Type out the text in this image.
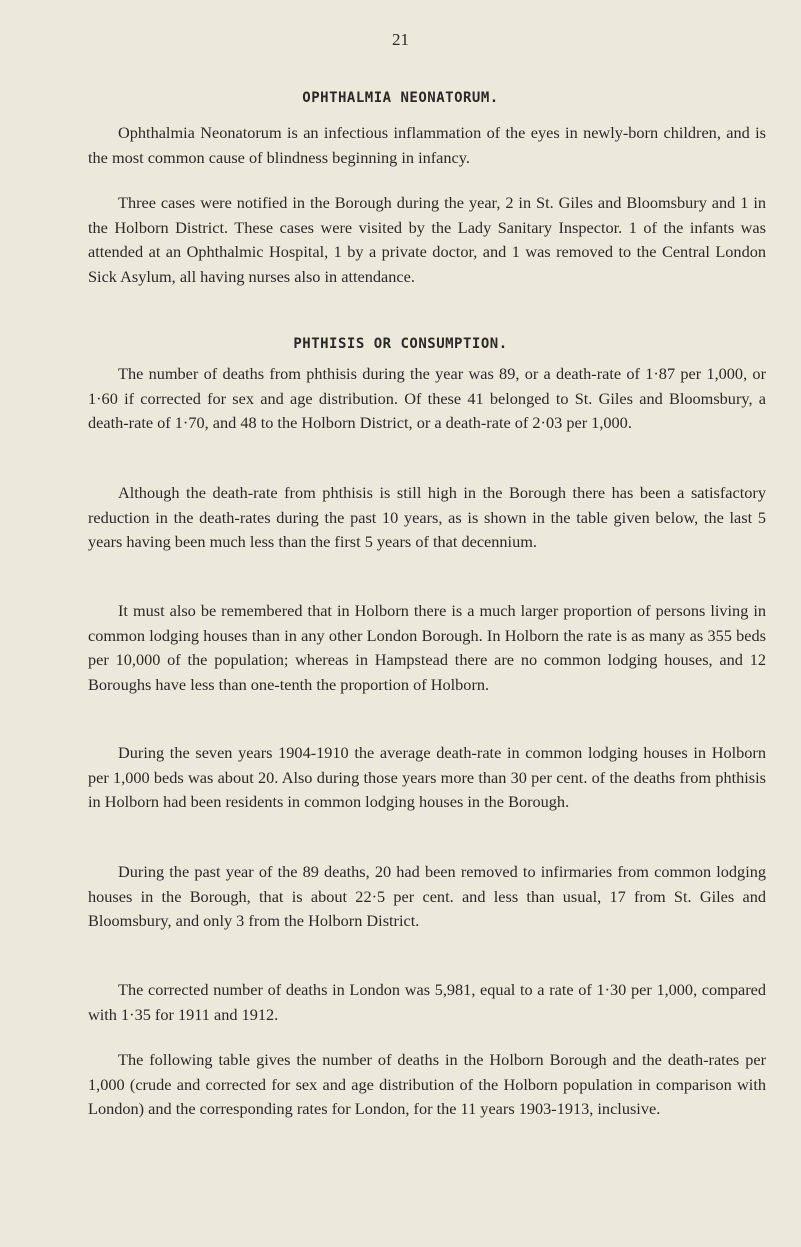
21
OPHTHALMIA NEONATORUM.

Ophthalmia Neonatorum is an infectious inflammation of the eyes in newly-born children, and is the most common cause of blindness beginning in infancy.

Three cases were notified in the Borough during the year, 2 in St. Giles and Bloomsbury and 1 in the Holborn District. These cases were visited by the Lady Sanitary Inspector. 1 of the infants was attended at an Ophthalmic Hospital, 1 by a private doctor, and 1 was removed to the Central London Sick Asylum, all having nurses also in attendance.

PHTHISIS OR CONSUMPTION.

The number of deaths from phthisis during the year was 89, or a death-rate of 1·87 per 1,000, or 1·60 if corrected for sex and age distribution. Of these 41 belonged to St. Giles and Bloomsbury, a death-rate of 1·70, and 48 to the Holborn District, or a death-rate of 2·03 per 1,000.

Although the death-rate from phthisis is still high in the Borough there has been a satisfactory reduction in the death-rates during the past 10 years, as is shown in the table given below, the last 5 years having been much less than the first 5 years of that decennium.

It must also be remembered that in Holborn there is a much larger proportion of persons living in common lodging houses than in any other London Borough. In Holborn the rate is as many as 355 beds per 10,000 of the population; whereas in Hampstead there are no common lodging houses, and 12 Boroughs have less than one-tenth the proportion of Holborn.

During the seven years 1904-1910 the average death-rate in common lodging houses in Holborn per 1,000 beds was about 20. Also during those years more than 30 per cent. of the deaths from phthisis in Holborn had been residents in common lodging houses in the Borough.

During the past year of the 89 deaths, 20 had been removed to infirmaries from common lodging houses in the Borough, that is about 22·5 per cent. and less than usual, 17 from St. Giles and Bloomsbury, and only 3 from the Holborn District.

The corrected number of deaths in London was 5,981, equal to a rate of 1·30 per 1,000, compared with 1·35 for 1911 and 1912.

The following table gives the number of deaths in the Holborn Borough and the death-rates per 1,000 (crude and corrected for sex and age distribution of the Holborn population in comparison with London) and the corresponding rates for London, for the 11 years 1903-1913, inclusive.
